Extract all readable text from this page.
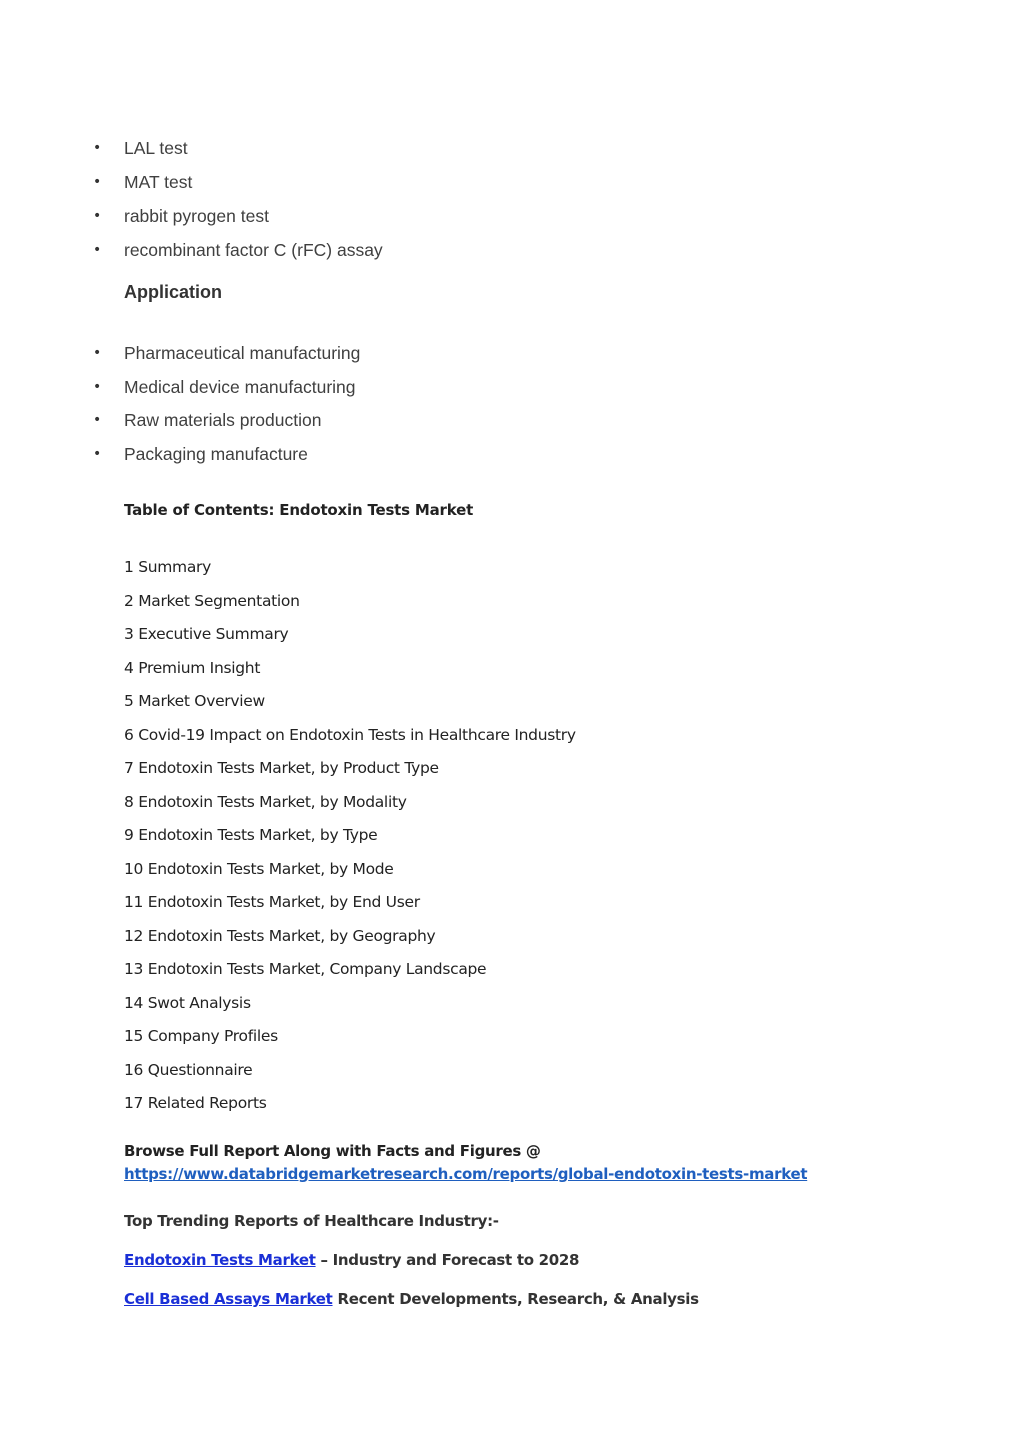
• LAL test
• MAT test
• rabbit pyrogen test
• recombinant factor C (rFC) assay
Application
• Pharmaceutical manufacturing
• Medical device manufacturing
• Raw materials production
• Packaging manufacture
Table of Contents: Endotoxin Tests Market
1 Summary
2 Market Segmentation
3 Executive Summary
4 Premium Insight
5 Market Overview
6 Covid-19 Impact on Endotoxin Tests in Healthcare Industry
7 Endotoxin Tests Market, by Product Type
8 Endotoxin Tests Market, by Modality
9 Endotoxin Tests Market, by Type
10 Endotoxin Tests Market, by Mode
11 Endotoxin Tests Market, by End User
12 Endotoxin Tests Market, by Geography
13 Endotoxin Tests Market, Company Landscape
14 Swot Analysis
15 Company Profiles
16 Questionnaire
17 Related Reports
Browse Full Report Along with Facts and Figures @
https://www.databridgemarketresearch.com/reports/global-endotoxin-tests-market
Top Trending Reports of Healthcare Industry:-
Endotoxin Tests Market – Industry and Forecast to 2028
Cell Based Assays Market Recent Developments, Research, & Analysis
